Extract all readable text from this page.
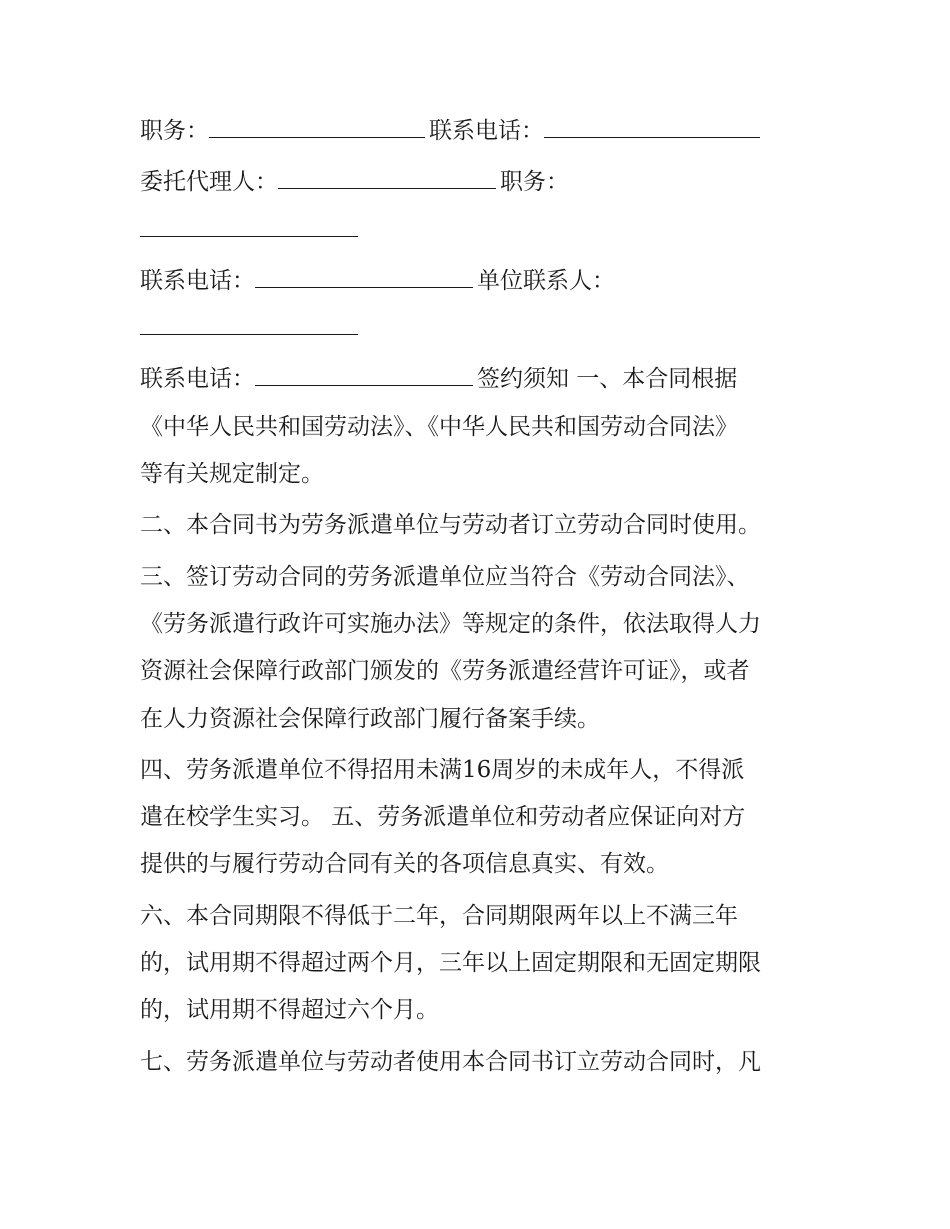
职务：	联系电话：
委托代理人：	职务：
联系电话：	单位联系人：
联系电话：	签约须知 一、本合同根据
《中华人民共和国劳动法》、《中华人民共和国劳动合同法》
等有关规定制定。
二、本合同书为劳务派遣单位与劳动者订立劳动合同时使用。
三、签订劳动合同的劳务派遣单位应当符合《劳动合同法》、
《劳务派遣行政许可实施办法》等规定的条件，依法取得人力
资源社会保障行政部门颁发的《劳务派遣经营许可证》，或者
在人力资源社会保障行政部门履行备案手续。
四、劳务派遣单位不得招用未满16周岁的未成年人，不得派
遣在校学生实习。 五、劳务派遣单位和劳动者应保证向对方
提供的与履行劳动合同有关的各项信息真实、有效。
六、本合同期限不得低于二年，合同期限两年以上不满三年
的，试用期不得超过两个月，三年以上固定期限和无固定期限
的，试用期不得超过六个月。
七、劳务派遣单位与劳动者使用本合同书订立劳动合同时，凡
